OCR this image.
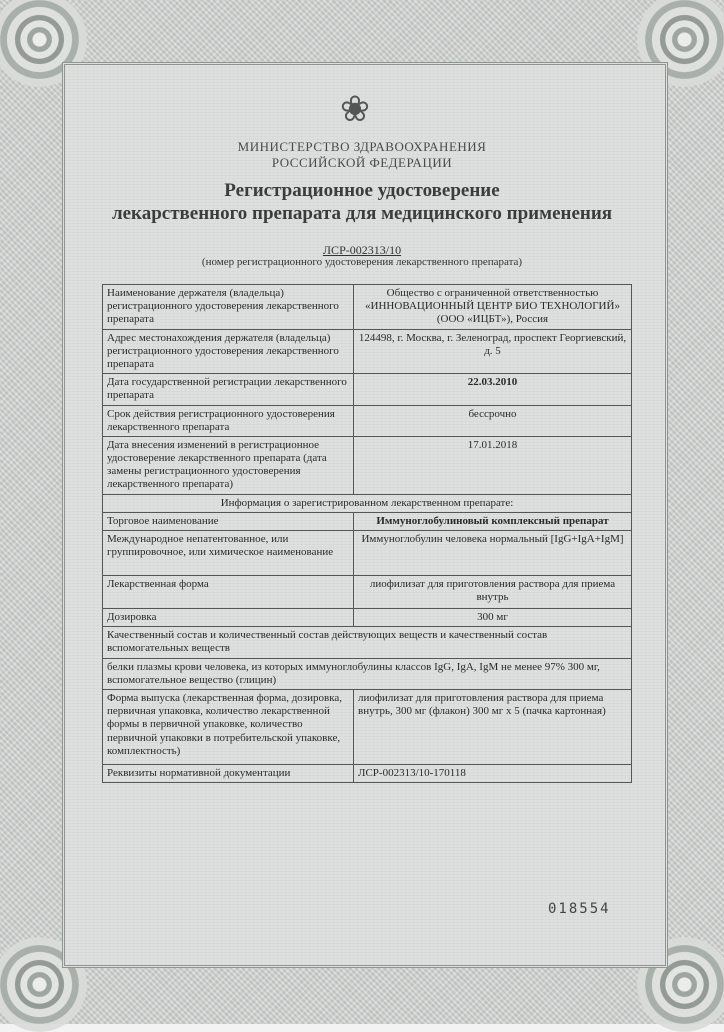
❀
МИНИСТЕРСТВО ЗДРАВООХРАНЕНИЯ
РОССИЙСКОЙ ФЕДЕРАЦИИ
Регистрационное удостоверение
лекарственного препарата для медицинского применения
ЛСР-002313/10
(номер регистрационного удостоверения лекарственного препарата)
Наименование держателя (владельца) регистрационного удостоверения лекарственного препарата	Общество с ограниченной ответственностью «ИННОВАЦИОННЫЙ ЦЕНТР БИО ТЕХНОЛОГИЙ» (ООО «ИЦБТ»), Россия
Адрес местонахождения держателя (владельца) регистрационного удостоверения лекарственного препарата	124498, г. Москва, г. Зеленоград, проспект Георгиевский, д. 5
Дата государственной регистрации лекарственного препарата	22.03.2010
Срок действия регистрационного удостоверения лекарственного препарата	бессрочно
Дата внесения изменений в регистрационное удостоверение лекарственного препарата (дата замены регистрационного удостоверения лекарственного препарата)	17.01.2018
Информация о зарегистрированном лекарственном препарате:	
Торговое наименование	Иммуноглобулиновый комплексный препарат
Международное непатентованное, или группировочное, или химическое наименование	Иммуноглобулин человека нормальный [IgG+IgA+IgM]
Лекарственная форма	лиофилизат для приготовления раствора для приема внутрь
Дозировка	300 мг
Качественный состав и количественный состав действующих веществ и качественный состав вспомогательных веществ	
белки плазмы крови человека, из которых иммуноглобулины классов IgG, IgA, IgM не менее 97% 300 мг, вспомогательное вещество (глицин)	
Форма выпуска (лекарственная форма, дозировка, первичная упаковка, количество лекарственной формы в первичной упаковке, количество первичной упаковки в потребительской упаковке, комплектность)	лиофилизат для приготовления раствора для приема внутрь, 300 мг (флакон) 300 мг x 5 (пачка картонная)
Реквизиты нормативной документации	ЛСР-002313/10-170118
018554
